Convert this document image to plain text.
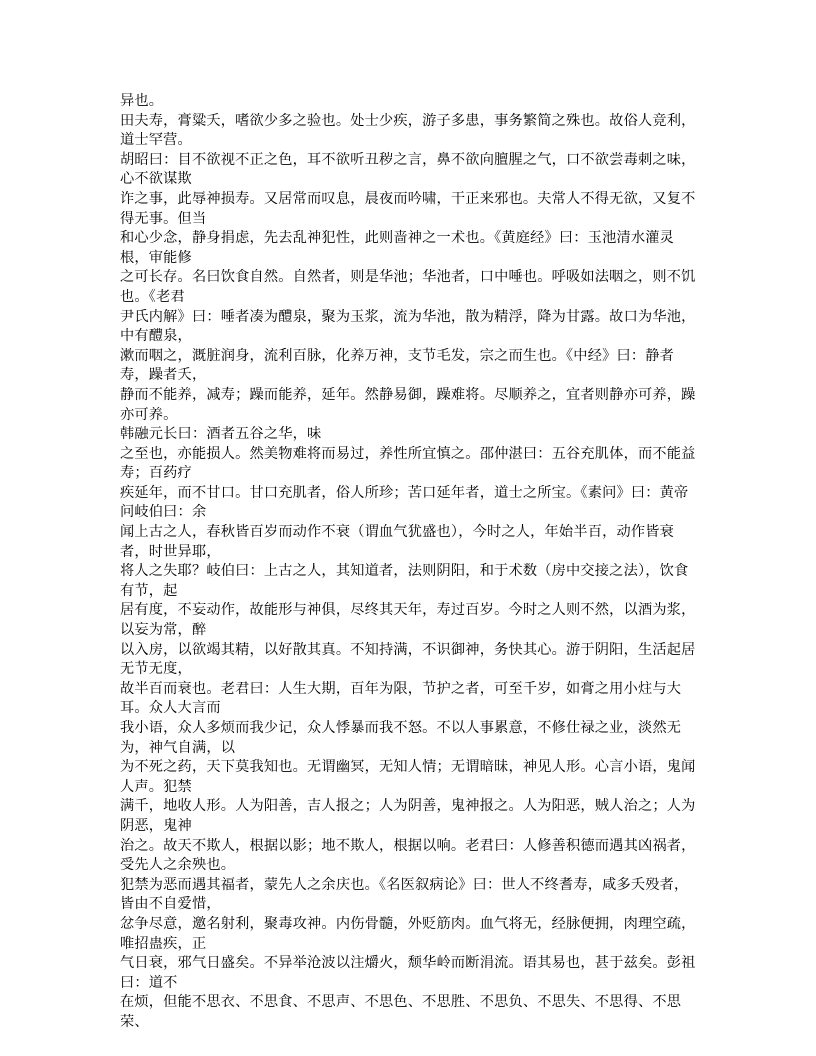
异也。
田夫寿，膏粱夭，嗜欲少多之验也。处士少疾，游子多患，事务繁简之殊也。故俗人竞利，道士罕营。
胡昭曰：目不欲视不正之色，耳不欲听丑秽之言，鼻不欲向膻腥之气，口不欲尝毒刺之味，心不欲谋欺
诈之事，此辱神损寿。又居常而叹息，晨夜而吟啸，干正来邪也。夫常人不得无欲，又复不得无事。但当
和心少念，静身捐虑，先去乱神犯性，此则啬神之一术也。《黄庭经》曰：玉池清水灌灵根，审能修
之可长存。名曰饮食自然。自然者，则是华池；华池者，口中唾也。呼吸如法咽之，则不饥也。《老君
尹氏内解》曰：唾者凑为醴泉，聚为玉浆，流为华池，散为精浮，降为甘露。故口为华池，中有醴泉，
漱而咽之，溉脏润身，流利百脉，化养万神，支节毛发，宗之而生也。《中经》曰：静者寿，躁者夭，
静而不能养，减寿；躁而能养，延年。然静易御，躁难将。尽顺养之，宜者则静亦可养，躁亦可养。
韩融元长曰：酒者五谷之华，味
之至也，亦能损人。然美物难将而易过，养性所宜慎之。邵仲湛曰：五谷充肌体，而不能益寿；百药疗
疾延年，而不甘口。甘口充肌者，俗人所珍；苦口延年者，道士之所宝。《素问》曰：黄帝问岐伯曰：余
闻上古之人，春秋皆百岁而动作不衰（谓血气犹盛也），今时之人，年始半百，动作皆衰者，时世异耶，
将人之失耶？岐伯曰：上古之人，其知道者，法则阴阳，和于术数（房中交接之法），饮食有节，起
居有度，不妄动作，故能形与神俱，尽终其天年，寿过百岁。今时之人则不然，以酒为浆，以妄为常，醉
以入房，以欲竭其精，以好散其真。不知持满，不识御神，务快其心。游于阴阳，生活起居无节无度，
故半百而衰也。老君曰：人生大期，百年为限，节护之者，可至千岁，如膏之用小炷与大耳。众人大言而
我小语，众人多烦而我少记，众人悸暴而我不怒。不以人事累意，不修仕禄之业，淡然无为，神气自满，以
为不死之药，天下莫我知也。无谓幽冥，无知人情；无谓暗昧，神见人形。心言小语，鬼闻人声。犯禁
满千，地收人形。人为阳善，吉人报之；人为阴善，鬼神报之。人为阳恶，贼人治之；人为阴恶，鬼神
治之。故天不欺人，根据以影；地不欺人，根据以响。老君曰：人修善积德而遇其凶祸者，受先人之余殃也。
犯禁为恶而遇其福者，蒙先人之余庆也。《名医叙病论》曰：世人不终耆寿，咸多夭殁者，皆由不自爱惜，
忿争尽意，邀名射利，聚毒攻神。内伤骨髓，外贬筋肉。血气将无，经脉便拥，肉理空疏，唯招蛊疾，正
气日衰，邪气日盛矣。不异举沧波以注爝火，颓华岭而断涓流。语其易也，甚于兹矣。彭祖曰：道不
在烦，但能不思衣、不思食、不思声、不思色、不思胜、不思负、不思失、不思得、不思荣、
